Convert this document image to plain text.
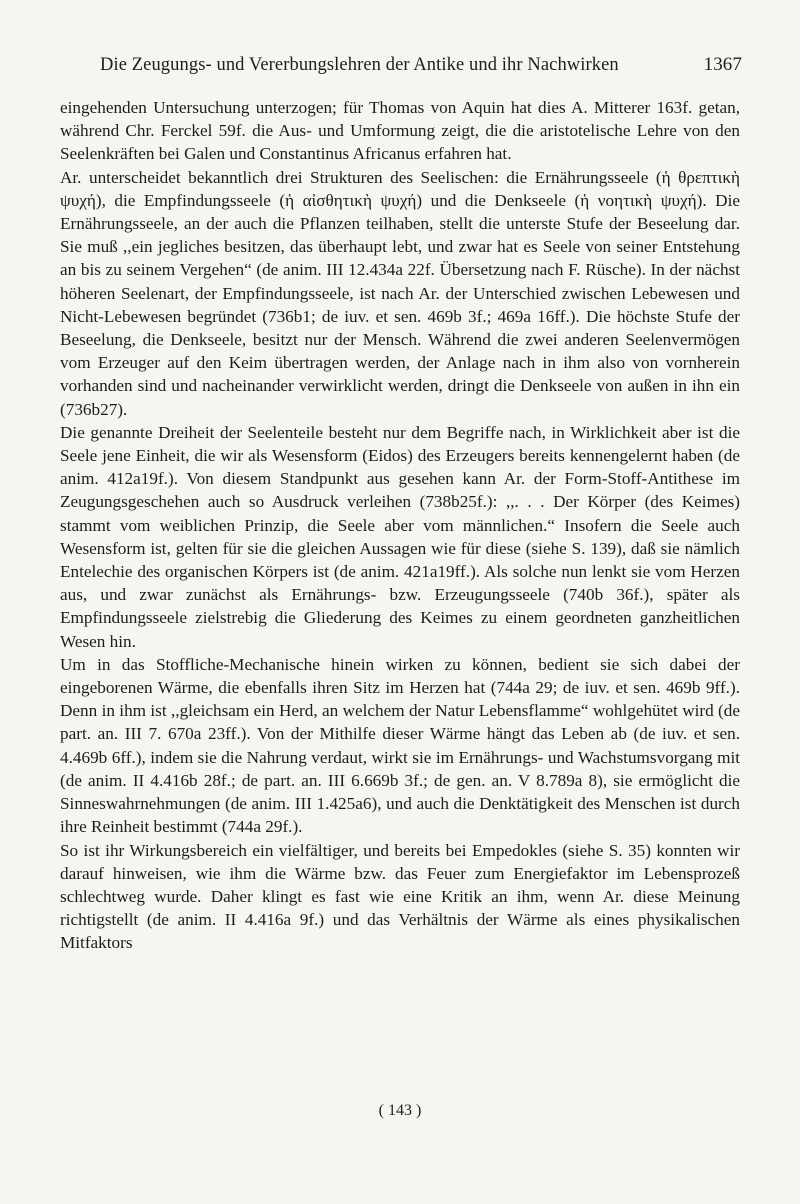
Die Zeugungs- und Vererbungslehren der Antike und ihr Nachwirken	1367

eingehenden Untersuchung unterzogen; für Thomas von Aquin hat dies A. Mitterer 163f. getan, während Chr. Ferckel 59f. die Aus- und Umformung zeigt, die die aristotelische Lehre von den Seelenkräften bei Galen und Constantinus Africanus erfahren hat.

Ar. unterscheidet bekanntlich drei Strukturen des Seelischen: die Ernährungsseele (ἡ θρεπτικὴ ψυχή), die Empfindungsseele (ἡ αἰσθητικὴ ψυχή) und die Denkseele (ἡ νοητικὴ ψυχή). Die Ernährungsseele, an der auch die Pflanzen teilhaben, stellt die unterste Stufe der Beseelung dar. Sie muß ,,ein jegliches besitzen, das überhaupt lebt, und zwar hat es Seele von seiner Entstehung an bis zu seinem Vergehen“ (de anim. III 12.434a 22f. Übersetzung nach F. Rüsche). In der nächst höheren Seelenart, der Empfindungsseele, ist nach Ar. der Unterschied zwischen Lebewesen und Nicht-Lebewesen begründet (736b1; de iuv. et sen. 469b 3f.; 469a 16ff.). Die höchste Stufe der Beseelung, die Denkseele, besitzt nur der Mensch. Während die zwei anderen Seelenvermögen vom Erzeuger auf den Keim übertragen werden, der Anlage nach in ihm also von vornherein vorhanden sind und nacheinander verwirklicht werden, dringt die Denkseele von außen in ihn ein (736b27).

Die genannte Dreiheit der Seelenteile besteht nur dem Begriffe nach, in Wirklichkeit aber ist die Seele jene Einheit, die wir als Wesensform (Eidos) des Erzeugers bereits kennengelernt haben (de anim. 412a19f.). Von diesem Standpunkt aus gesehen kann Ar. der Form-Stoff-Antithese im Zeugungsgeschehen auch so Ausdruck verleihen (738b25f.): ,,. . . Der Körper (des Keimes) stammt vom weiblichen Prinzip, die Seele aber vom männlichen.“ Insofern die Seele auch Wesensform ist, gelten für sie die gleichen Aussagen wie für diese (siehe S. 139), daß sie nämlich Entelechie des organischen Körpers ist (de anim. 421a19ff.). Als solche nun lenkt sie vom Herzen aus, und zwar zunächst als Ernährungs- bzw. Erzeugungsseele (740b 36f.), später als Empfindungsseele zielstrebig die Gliederung des Keimes zu einem geordneten ganzheitlichen Wesen hin.

Um in das Stoffliche-Mechanische hinein wirken zu können, bedient sie sich dabei der eingeborenen Wärme, die ebenfalls ihren Sitz im Herzen hat (744a 29; de iuv. et sen. 469b 9ff.). Denn in ihm ist ,,gleichsam ein Herd, an welchem der Natur Lebensflamme“ wohlgehütet wird (de part. an. III 7. 670a 23ff.). Von der Mithilfe dieser Wärme hängt das Leben ab (de iuv. et sen. 4.469b 6ff.), indem sie die Nahrung verdaut, wirkt sie im Ernährungs- und Wachstumsvorgang mit (de anim. II 4.416b 28f.; de part. an. III 6.669b 3f.; de gen. an. V 8.789a 8), sie ermöglicht die Sinneswahrnehmungen (de anim. III 1.425a6), und auch die Denktätigkeit des Menschen ist durch ihre Reinheit bestimmt (744a 29f.).

So ist ihr Wirkungsbereich ein vielfältiger, und bereits bei Empedokles (siehe S. 35) konnten wir darauf hinweisen, wie ihm die Wärme bzw. das Feuer zum Energiefaktor im Lebensprozeß schlechtweg wurde. Daher klingt es fast wie eine Kritik an ihm, wenn Ar. diese Meinung richtigstellt (de anim. II 4.416a 9f.) und das Verhältnis der Wärme als eines physikalischen Mitfaktors

( 143 )
